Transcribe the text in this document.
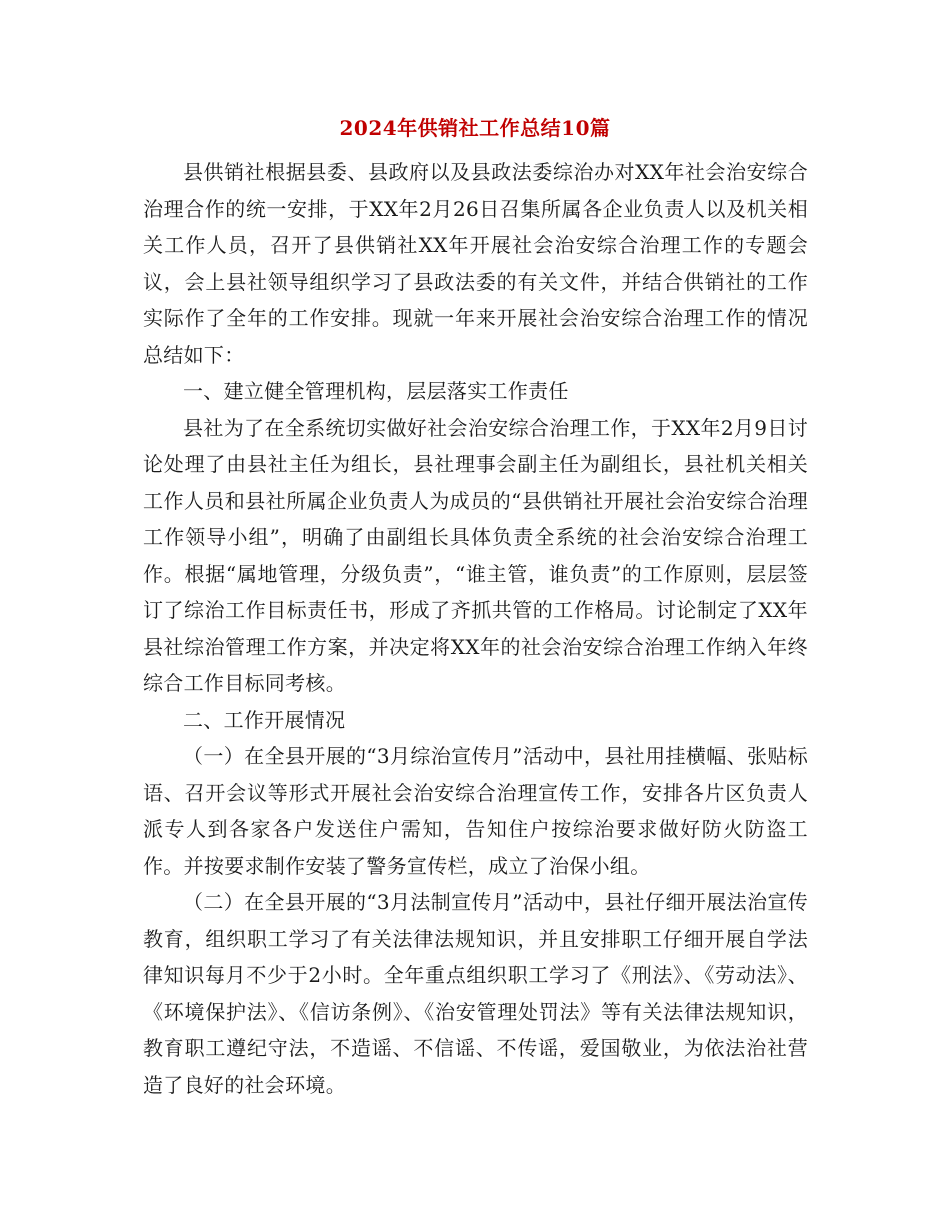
2024年供销社工作总结10篇

县供销社根据县委、县政府以及县政法委综治办对XX年社会治安综合治理合作的统一安排，于XX年2月26日召集所属各企业负责人以及机关相关工作人员，召开了县供销社XX年开展社会治安综合治理工作的专题会议，会上县社领导组织学习了县政法委的有关文件，并结合供销社的工作实际作了全年的工作安排。现就一年来开展社会治安综合治理工作的情况总结如下：

一、建立健全管理机构，层层落实工作责任

县社为了在全系统切实做好社会治安综合治理工作，于XX年2月9日讨论处理了由县社主任为组长，县社理事会副主任为副组长，县社机关相关工作人员和县社所属企业负责人为成员的“县供销社开展社会治安综合治理工作领导小组”，明确了由副组长具体负责全系统的社会治安综合治理工作。根据“属地管理，分级负责”，“谁主管，谁负责”的工作原则，层层签订了综治工作目标责任书，形成了齐抓共管的工作格局。讨论制定了XX年县社综治管理工作方案，并决定将XX年的社会治安综合治理工作纳入年终综合工作目标同考核。

二、工作开展情况

（一）在全县开展的“3月综治宣传月”活动中，县社用挂横幅、张贴标语、召开会议等形式开展社会治安综合治理宣传工作，安排各片区负责人派专人到各家各户发送住户需知，告知住户按综治要求做好防火防盗工作。并按要求制作安装了警务宣传栏，成立了治保小组。

（二）在全县开展的“3月法制宣传月”活动中，县社仔细开展法治宣传教育，组织职工学习了有关法律法规知识，并且安排职工仔细开展自学法律知识每月不少于2小时。全年重点组织职工学习了《刑法》、《劳动法》、《环境保护法》、《信访条例》、《治安管理处罚法》等有关法律法规知识，教育职工遵纪守法，不造谣、不信谣、不传谣，爱国敬业，为依法治社营造了良好的社会环境。
